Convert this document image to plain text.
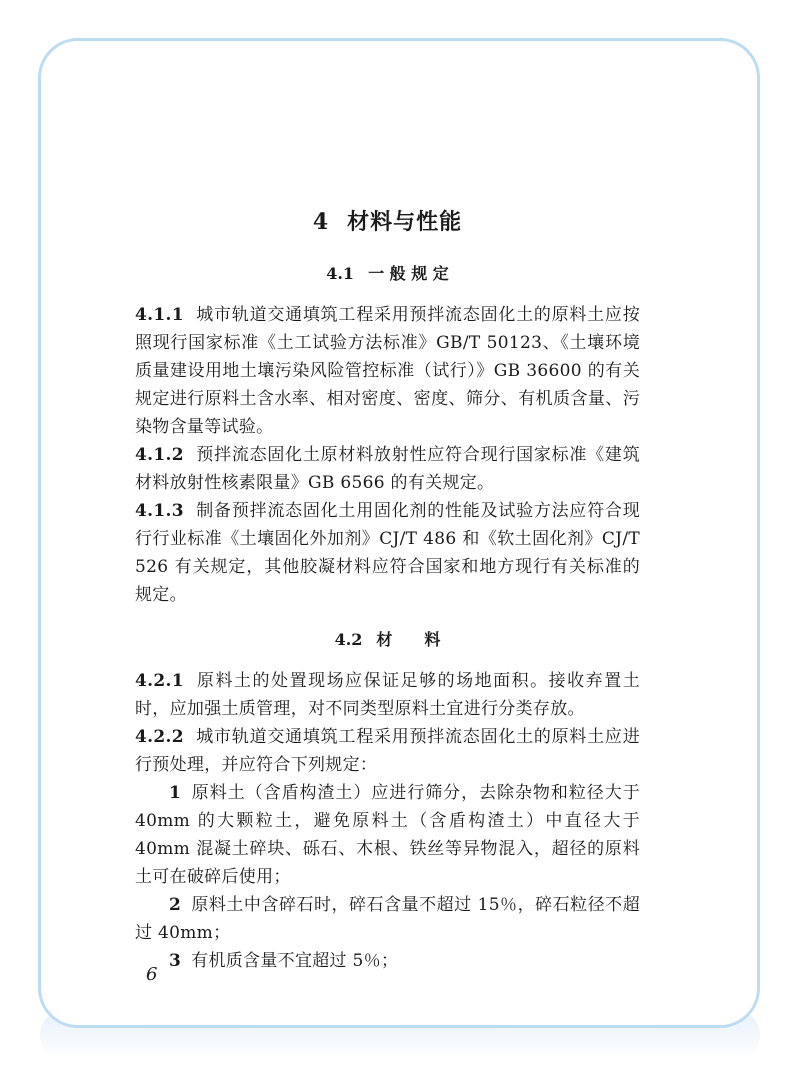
4 材料与性能
4.1 一 般 规 定

4.1.1 城市轨道交通填筑工程采用预拌流态固化土的原料土应按照现行国家标准《土工试验方法标准》GB/T 50123、《土壤环境质量建设用地土壤污染风险管控标准（试行）》GB 36600 的有关规定进行原料土含水率、相对密度、密度、筛分、有机质含量、污染物含量等试验。

4.1.2 预拌流态固化土原材料放射性应符合现行国家标准《建筑材料放射性核素限量》GB 6566 的有关规定。

4.1.3 制备预拌流态固化土用固化剂的性能及试验方法应符合现行行业标准《土壤固化外加剂》CJ/T 486 和《软土固化剂》CJ/T 526 有关规定，其他胶凝材料应符合国家和地方现行有关标准的规定。

4.2 材　　料

4.2.1 原料土的处置现场应保证足够的场地面积。接收弃置土时，应加强土质管理，对不同类型原料土宜进行分类存放。

4.2.2 城市轨道交通填筑工程采用预拌流态固化土的原料土应进行预处理，并应符合下列规定：

1 原料土（含盾构渣土）应进行筛分，去除杂物和粒径大于 40mm 的大颗粒土，避免原料土（含盾构渣土）中直径大于 40mm 混凝土碎块、砾石、木根、铁丝等异物混入，超径的原料土可在破碎后使用；

2 原料土中含碎石时，碎石含量不超过 15％，碎石粒径不超过 40mm；

3 有机质含量不宜超过 5％；

6
